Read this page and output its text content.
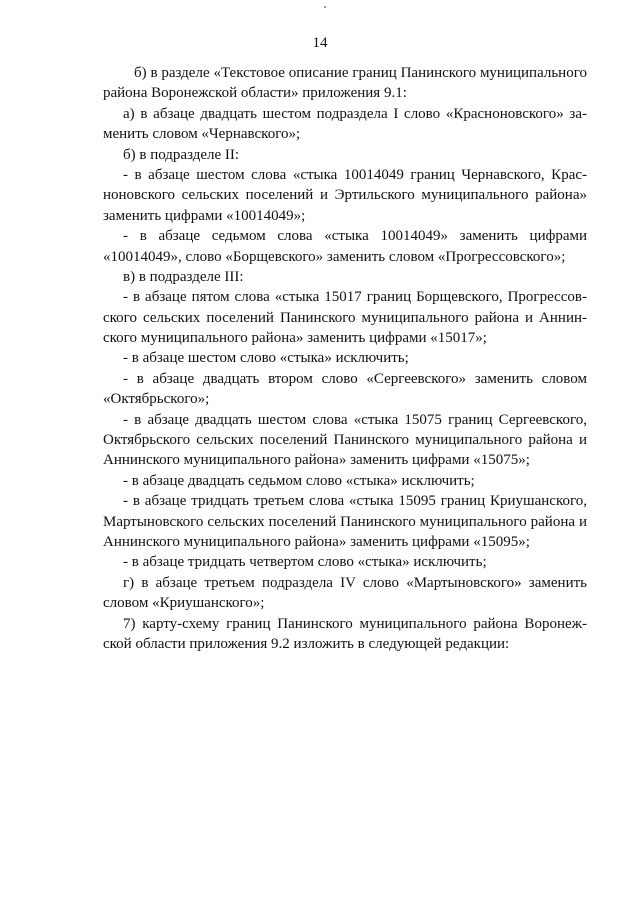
14
б) в разделе «Текстовое описание границ Панинского муниципального
района Воронежской области» приложения 9.1:
а) в абзаце двадцать шестом подраздела I слово «Красноновского» за-
менить словом «Чернавского»;
б) в подразделе II:
- в абзаце шестом слова «стыка 10014049 границ Чернавского, Крас-
ноновского сельских поселений и Эртильского муниципального района»
заменить цифрами «10014049»;
- в абзаце седьмом слова «стыка 10014049» заменить цифрами
«10014049», слово «Борщевского» заменить словом «Прогрессовского»;
в) в подразделе III:
- в абзаце пятом слова «стыка 15017 границ Борщевского, Прогрессов-
ского сельских поселений Панинского муниципального района и Аннин-
ского муниципального района» заменить цифрами «15017»;
- в абзаце шестом слово «стыка» исключить;
- в абзаце двадцать втором слово «Сергеевского» заменить словом
«Октябрьского»;
- в абзаце двадцать шестом слова «стыка 15075 границ Сергеевского,
Октябрьского сельских поселений Панинского муниципального района и
Аннинского муниципального района» заменить цифрами «15075»;
- в абзаце двадцать седьмом слово «стыка» исключить;
- в абзаце тридцать третьем слова «стыка 15095 границ Криушанского,
Мартыновского сельских поселений Панинского муниципального района и
Аннинского муниципального района» заменить цифрами «15095»;
- в абзаце тридцать четвертом слово «стыка» исключить;
г) в абзаце третьем подраздела IV слово «Мартыновского» заменить
словом «Криушанского»;
7) карту-схему границ Панинского муниципального района Воронеж-
ской области приложения 9.2 изложить в следующей редакции:
